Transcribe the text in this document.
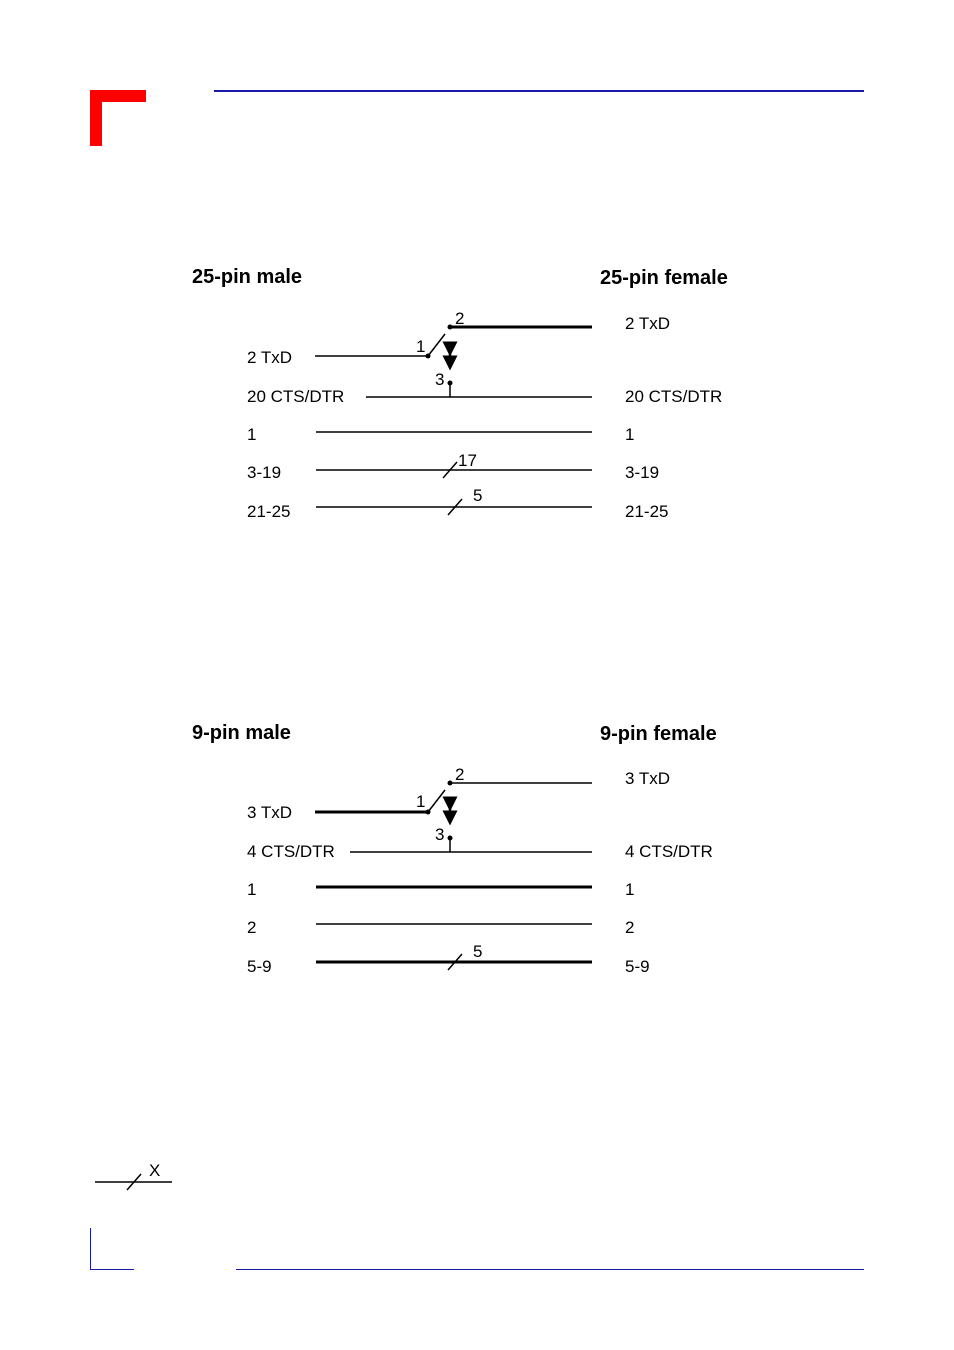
25-pin male	25-pin female
2 TxD
20 CTS/DTR
1
3-19
21-25
2 TxD
20 CTS/DTR
1
3-19
21-25
1
2
3
17
5
9-pin male	9-pin female
3 TxD
4 CTS/DTR
1
2
5-9
3 TxD
4 CTS/DTR
1
2
5-9
1
2
3
5
X
